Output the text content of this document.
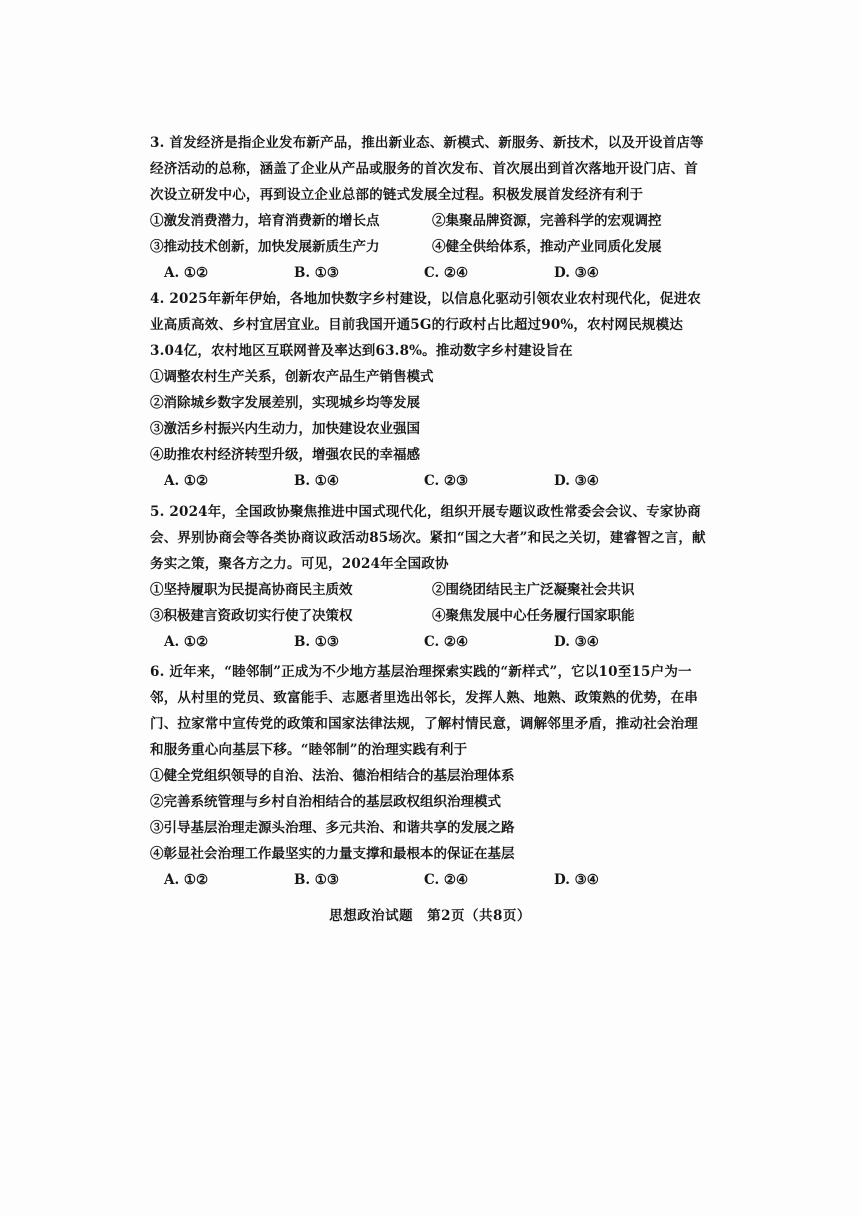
3. 首发经济是指企业发布新产品，推出新业态、新模式、新服务、新技术，以及开设首店等经济活动的总称，涵盖了企业从产品或服务的首次发布、首次展出到首次落地开设门店、首次设立研发中心，再到设立企业总部的链式发展全过程。积极发展首发经济有利于

①激发消费潜力，培育消费新的增长点	②集聚品牌资源，完善科学的宏观调控
③推动技术创新，加快发展新质生产力	④健全供给体系，推动产业同质化发展
A. ①②	B. ①③	C. ②④	D. ③④

4. 2025年新年伊始，各地加快数字乡村建设，以信息化驱动引领农业农村现代化，促进农业高质高效、乡村宜居宜业。目前我国开通5G的行政村占比超过90%，农村网民规模达3.04亿，农村地区互联网普及率达到63.8%。推动数字乡村建设旨在

①调整农村生产关系，创新农产品生产销售模式
②消除城乡数字发展差别，实现城乡均等发展
③激活乡村振兴内生动力，加快建设农业强国
④助推农村经济转型升级，增强农民的幸福感
A. ①②	B. ①④	C. ②③	D. ③④

5. 2024年，全国政协聚焦推进中国式现代化，组织开展专题议政性常委会会议、专家协商会、界别协商会等各类协商议政活动85场次。紧扣“国之大者”和民之关切，建睿智之言，献务实之策，聚各方之力。可见，2024年全国政协

①坚持履职为民提高协商民主质效	②围绕团结民主广泛凝聚社会共识
③积极建言资政切实行使了决策权	④聚焦发展中心任务履行国家职能
A. ①②	B. ①③	C. ②④	D. ③④

6. 近年来，“睦邻制”正成为不少地方基层治理探索实践的“新样式”，它以10至15户为一邻，从村里的党员、致富能手、志愿者里选出邻长，发挥人熟、地熟、政策熟的优势，在串门、拉家常中宣传党的政策和国家法律法规，了解村情民意，调解邻里矛盾，推动社会治理和服务重心向基层下移。“睦邻制”的治理实践有利于

①健全党组织领导的自治、法治、德治相结合的基层治理体系
②完善系统管理与乡村自治相结合的基层政权组织治理模式
③引导基层治理走源头治理、多元共治、和谐共享的发展之路
④彰显社会治理工作最坚实的力量支撑和最根本的保证在基层
A. ①②	B. ①③	C. ②④	D. ③④
思想政治试题　第2页（共8页）
